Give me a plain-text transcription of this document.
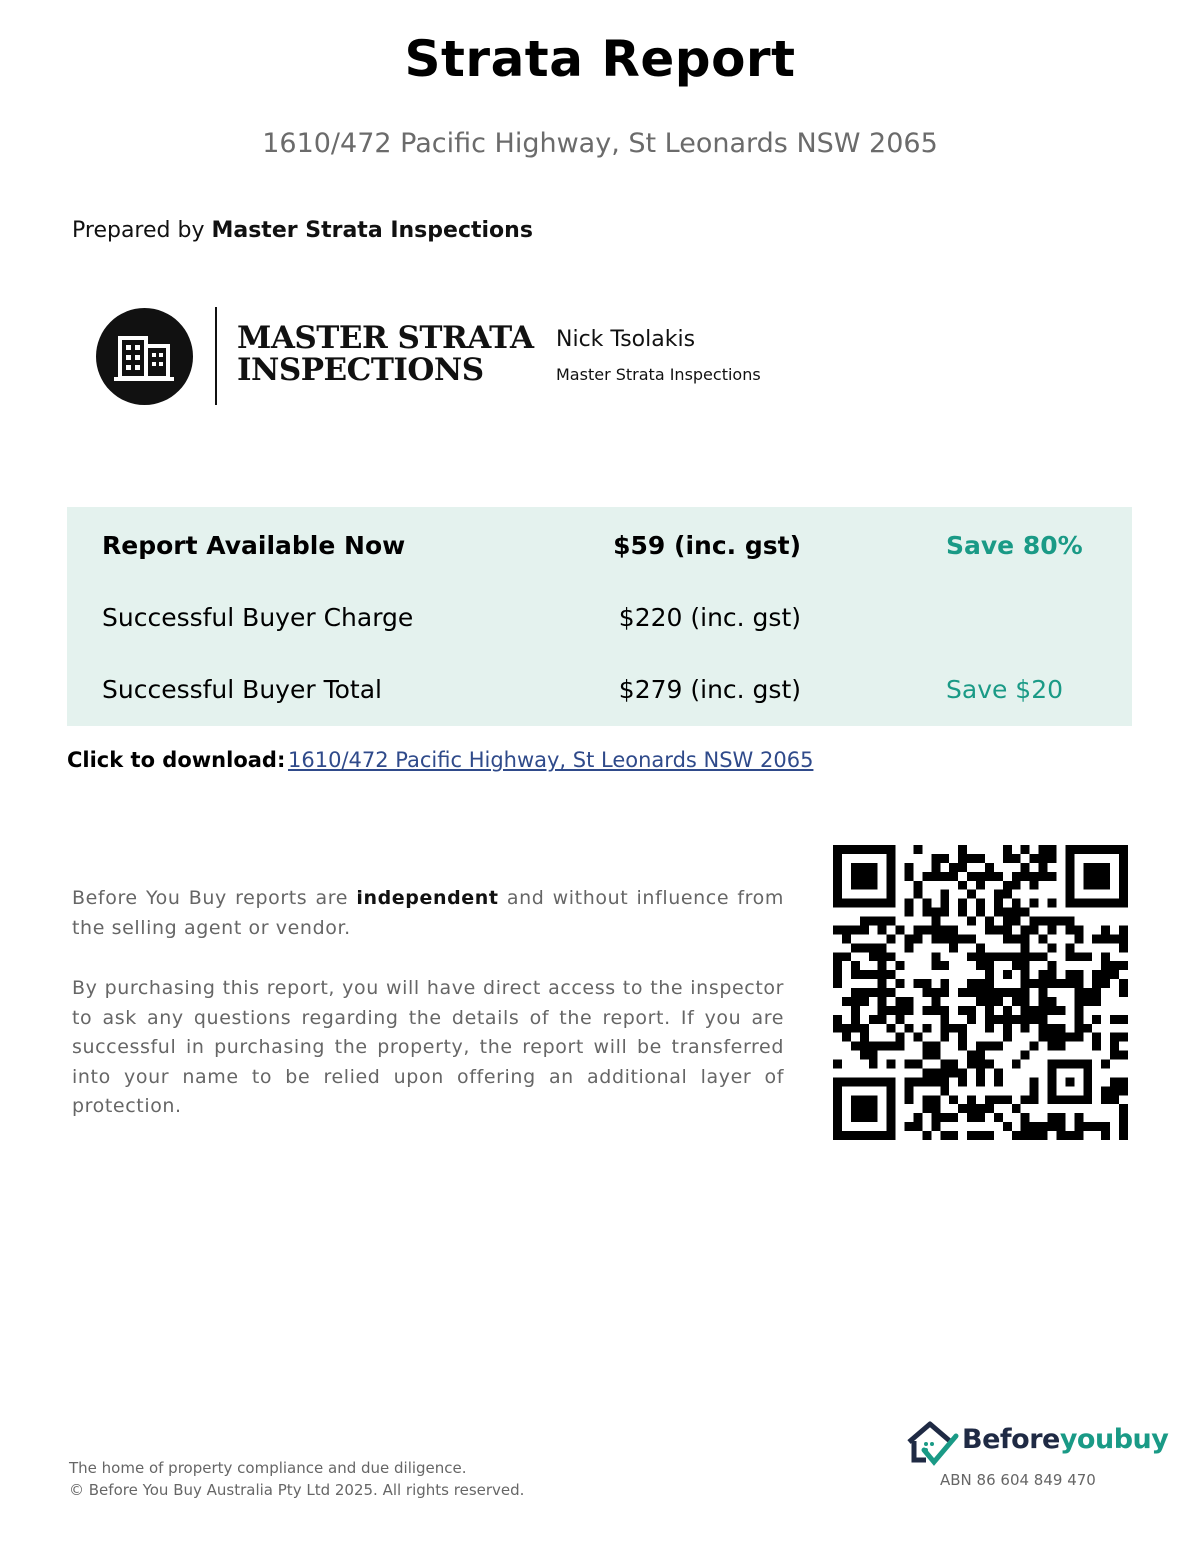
Strata Report
1610/472 Pacific Highway, St Leonards NSW 2065
Prepared by Master Strata Inspections
MASTER STRATA
INSPECTIONS
Nick Tsolakis
Master Strata Inspections
Report Available Now	$59 (inc. gst)	Save 80%
Successful Buyer Charge	$220 (inc. gst)
Successful Buyer Total	$279 (inc. gst)	Save $20
Click to download: 1610/472 Pacific Highway, St Leonards NSW 2065
Before You Buy reports are independent and without influence from the selling agent or vendor.
By purchasing this report, you will have direct access to the inspector to ask any questions regarding the details of the report. If you are successful in purchasing the property, the report will be transferred into your name to be relied upon offering an additional layer of protection.
The home of property compliance and due diligence.
© Before You Buy Australia Pty Ltd 2025. All rights reserved.
Beforeyoubuy
ABN 86 604 849 470
